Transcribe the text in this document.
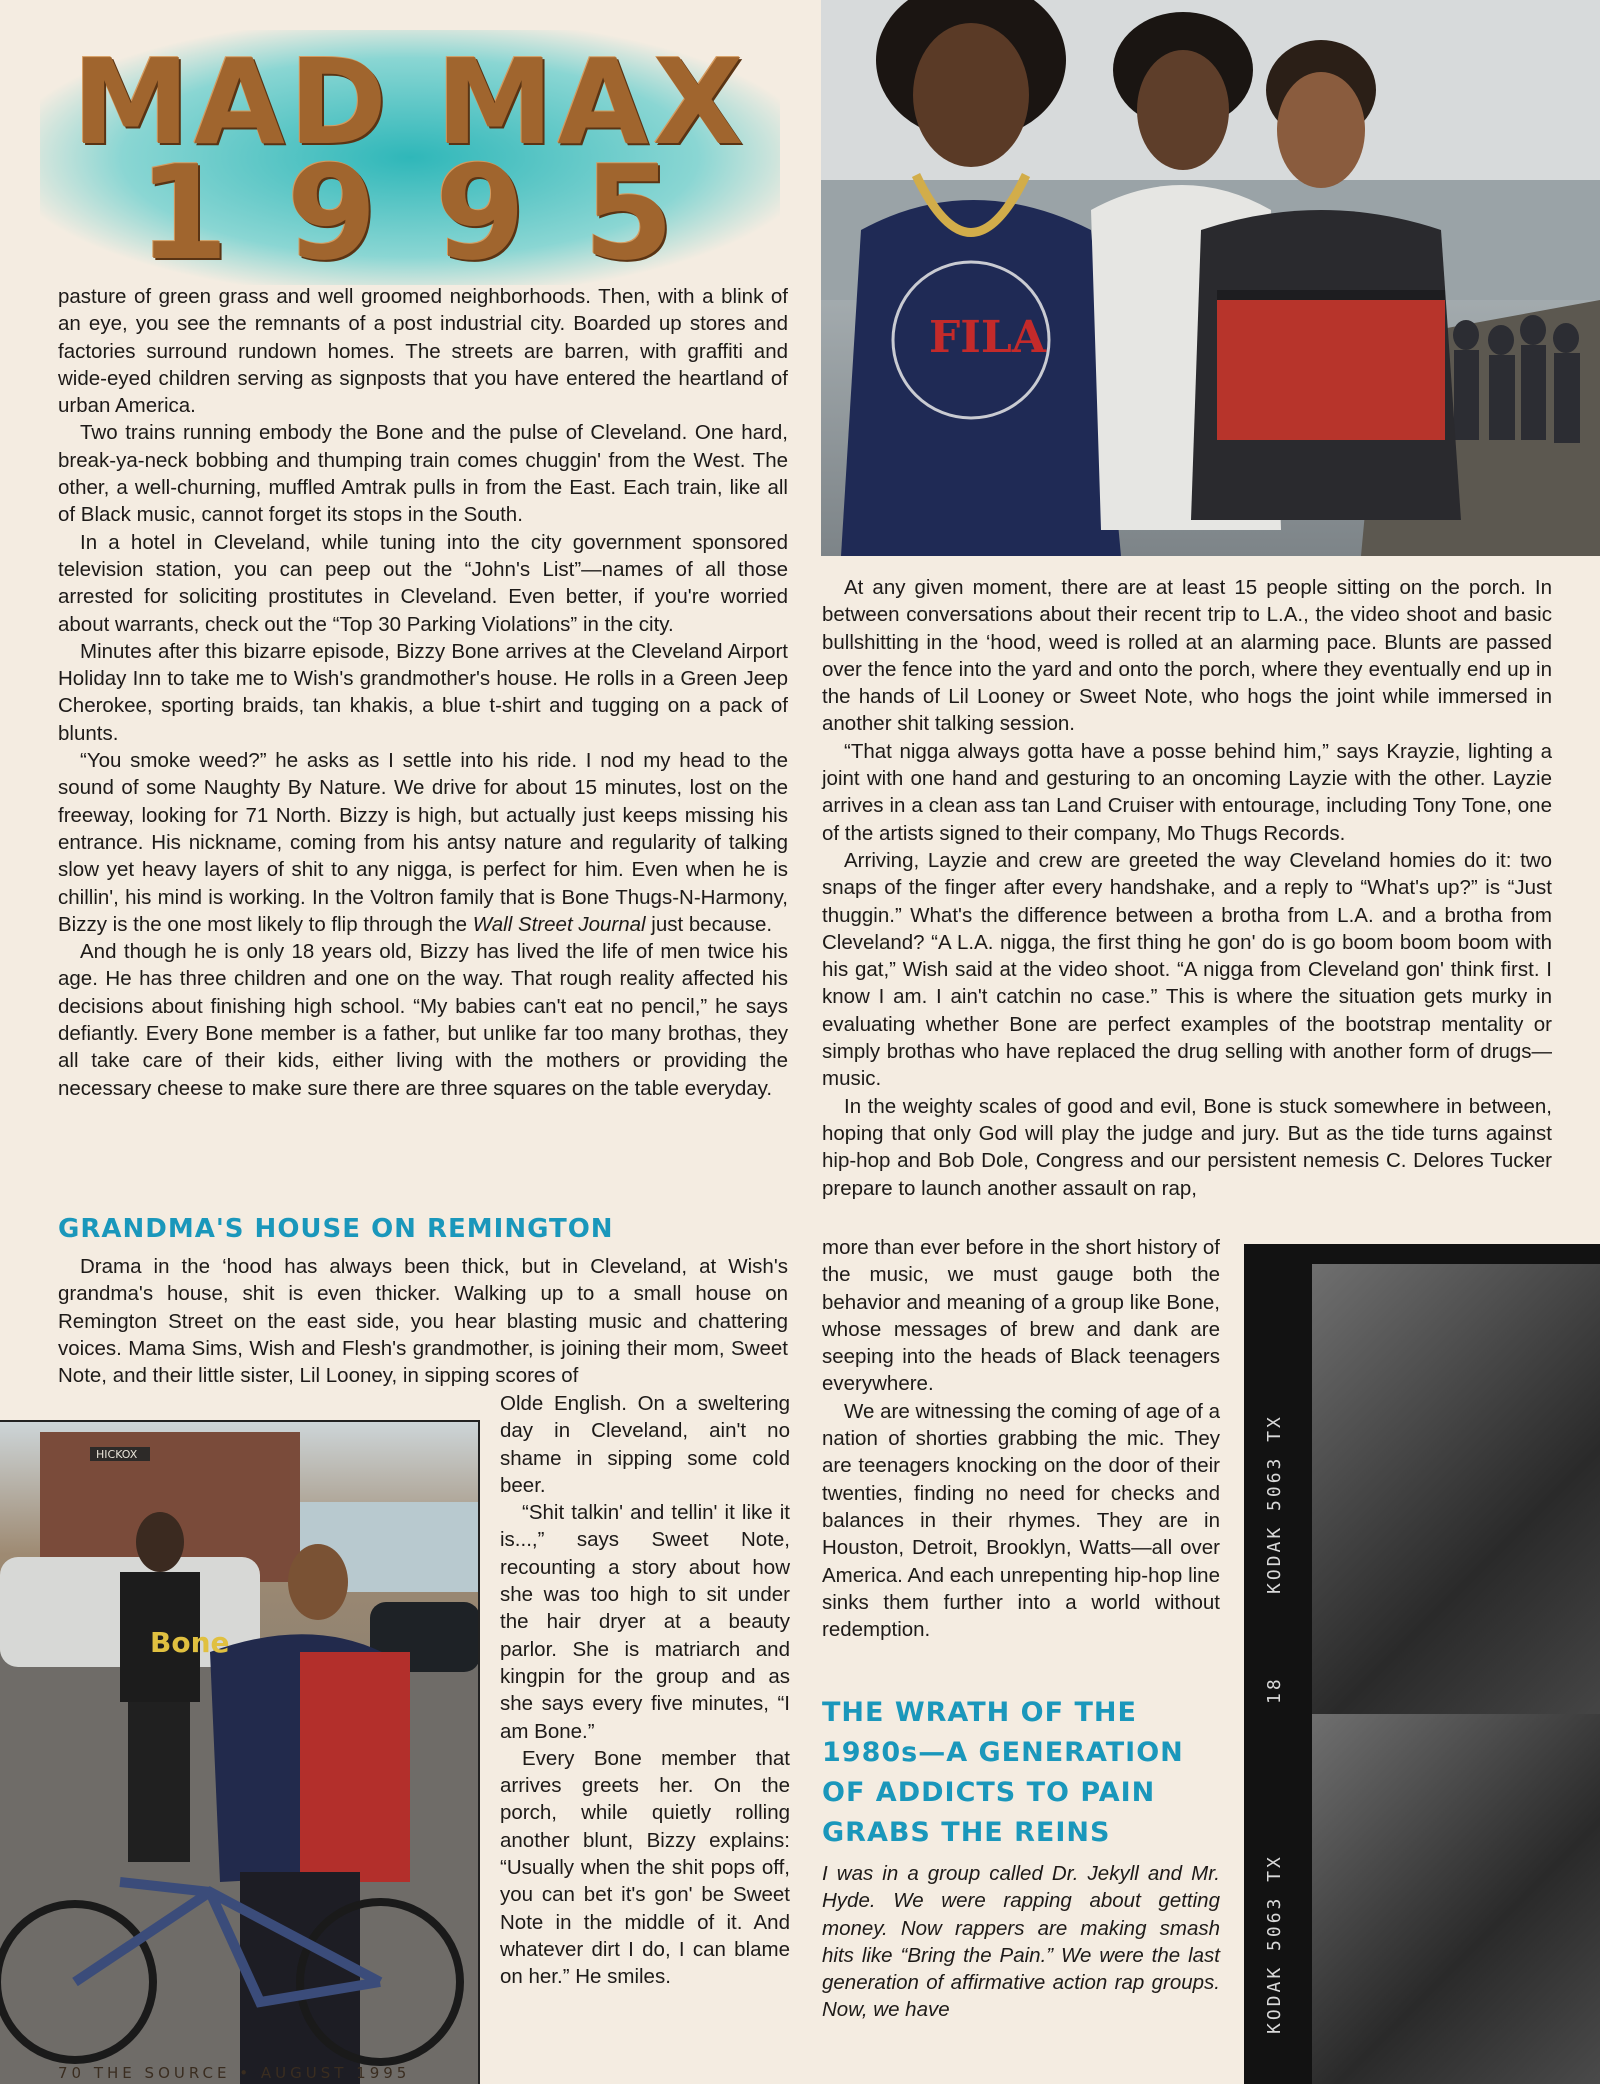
MAD MAX
1995
FILA

pasture of green grass and well groomed neighborhoods. Then, with a blink of an eye, you see the remnants of a post industrial city. Boarded up stores and factories surround rundown homes. The streets are barren, with graffiti and wide-eyed children serving as signposts that you have entered the heartland of urban America.

Two trains running embody the Bone and the pulse of Cleveland. One hard, break-ya-neck bobbing and thumping train comes chuggin' from the West. The other, a well-churning, muffled Amtrak pulls in from the East. Each train, like all of Black music, cannot forget its stops in the South.

In a hotel in Cleveland, while tuning into the city government sponsored television station, you can peep out the “John's List”—names of all those arrested for soliciting prostitutes in Cleveland. Even better, if you're worried about warrants, check out the “Top 30 Parking Violations” in the city.

Minutes after this bizarre episode, Bizzy Bone arrives at the Cleveland Airport Holiday Inn to take me to Wish's grandmother's house. He rolls in a Green Jeep Cherokee, sporting braids, tan khakis, a blue t-shirt and tugging on a pack of blunts.

“You smoke weed?” he asks as I settle into his ride. I nod my head to the sound of some Naughty By Nature. We drive for about 15 minutes, lost on the freeway, looking for 71 North. Bizzy is high, but actually just keeps missing his entrance. His nickname, coming from his antsy nature and regularity of talking slow yet heavy layers of shit to any nigga, is perfect for him. Even when he is chillin', his mind is working. In the Voltron family that is Bone Thugs-N-Harmony, Bizzy is the one most likely to flip through the Wall Street Journal just because.

And though he is only 18 years old, Bizzy has lived the life of men twice his age. He has three children and one on the way. That rough reality affected his decisions about finishing high school. “My babies can't eat no pencil,” he says defiantly. Every Bone member is a father, but unlike far too many brothas, they all take care of their kids, either living with the mothers or providing the necessary cheese to make sure there are three squares on the table everyday.

GRANDMA'S HOUSE ON REMINGTON

Drama in the ‘hood has always been thick, but in Cleveland, at Wish's grandma's house, shit is even thicker. Walking up to a small house on Remington Street on the east side, you hear blasting music and chattering voices. Mama Sims, Wish and Flesh's grandmother, is joining their mom, Sweet Note, and their little sister, Lil Looney, in sipping scores of

HICKOX
Bone

Olde English. On a sweltering day in Cleveland, ain't no shame in sipping some cold beer.

“Shit talkin' and tellin' it like it is...,” says Sweet Note, recounting a story about how she was too high to sit under the hair dryer at a beauty parlor. She is matriarch and kingpin for the group and as she says every five minutes, “I am Bone.”

Every Bone member that arrives greets her. On the porch, while quietly rolling another blunt, Bizzy explains: “Usually when the shit pops off, you can bet it's gon' be Sweet Note in the middle of it. And whatever dirt I do, I can blame on her.” He smiles.

At any given moment, there are at least 15 people sitting on the porch. In between conversations about their recent trip to L.A., the video shoot and basic bullshitting in the ‘hood, weed is rolled at an alarming pace. Blunts are passed over the fence into the yard and onto the porch, where they eventually end up in the hands of Lil Looney or Sweet Note, who hogs the joint while immersed in another shit talking session.

“That nigga always gotta have a posse behind him,” says Krayzie, lighting a joint with one hand and gesturing to an oncoming Layzie with the other. Layzie arrives in a clean ass tan Land Cruiser with entourage, including Tony Tone, one of the artists signed to their company, Mo Thugs Records.

Arriving, Layzie and crew are greeted the way Cleveland homies do it: two snaps of the finger after every handshake, and a reply to “What's up?” is “Just thuggin.” What's the difference between a brotha from L.A. and a brotha from Cleveland? “A L.A. nigga, the first thing he gon' do is go boom boom boom with his gat,” Wish said at the video shoot. “A nigga from Cleveland gon' think first. I know I am. I ain't catchin no case.” This is where the situation gets murky in evaluating whether Bone are perfect examples of the bootstrap mentality or simply brothas who have replaced the drug selling with another form of drugs—music.

In the weighty scales of good and evil, Bone is stuck somewhere in between, hoping that only God will play the judge and jury. But as the tide turns against hip-hop and Bob Dole, Congress and our persistent nemesis C. Delores Tucker prepare to launch another assault on rap,

more than ever before in the short history of the music, we must gauge both the behavior and meaning of a group like Bone, whose messages of brew and dank are seeping into the heads of Black teenagers everywhere.

We are witnessing the coming of age of a nation of shorties grabbing the mic. They are teenagers knocking on the door of their twenties, finding no need for checks and balances in their rhymes. They are in Houston, Detroit, Brooklyn, Watts—all over America. And each unrepenting hip-hop line sinks them further into a world without redemption.

THE WRATH OF THE 1980s—A GENERATION OF ADDICTS TO PAIN GRABS THE REINS

I was in a group called Dr. Jekyll and Mr. Hyde. We were rapping about getting money. Now rappers are making smash hits like “Bring the Pain.” We were the last generation of affirmative action rap groups. Now, we have

KODAK 5063 TX
18
KODAK 5063 TX
70 THE SOURCE • AUGUST 1995
